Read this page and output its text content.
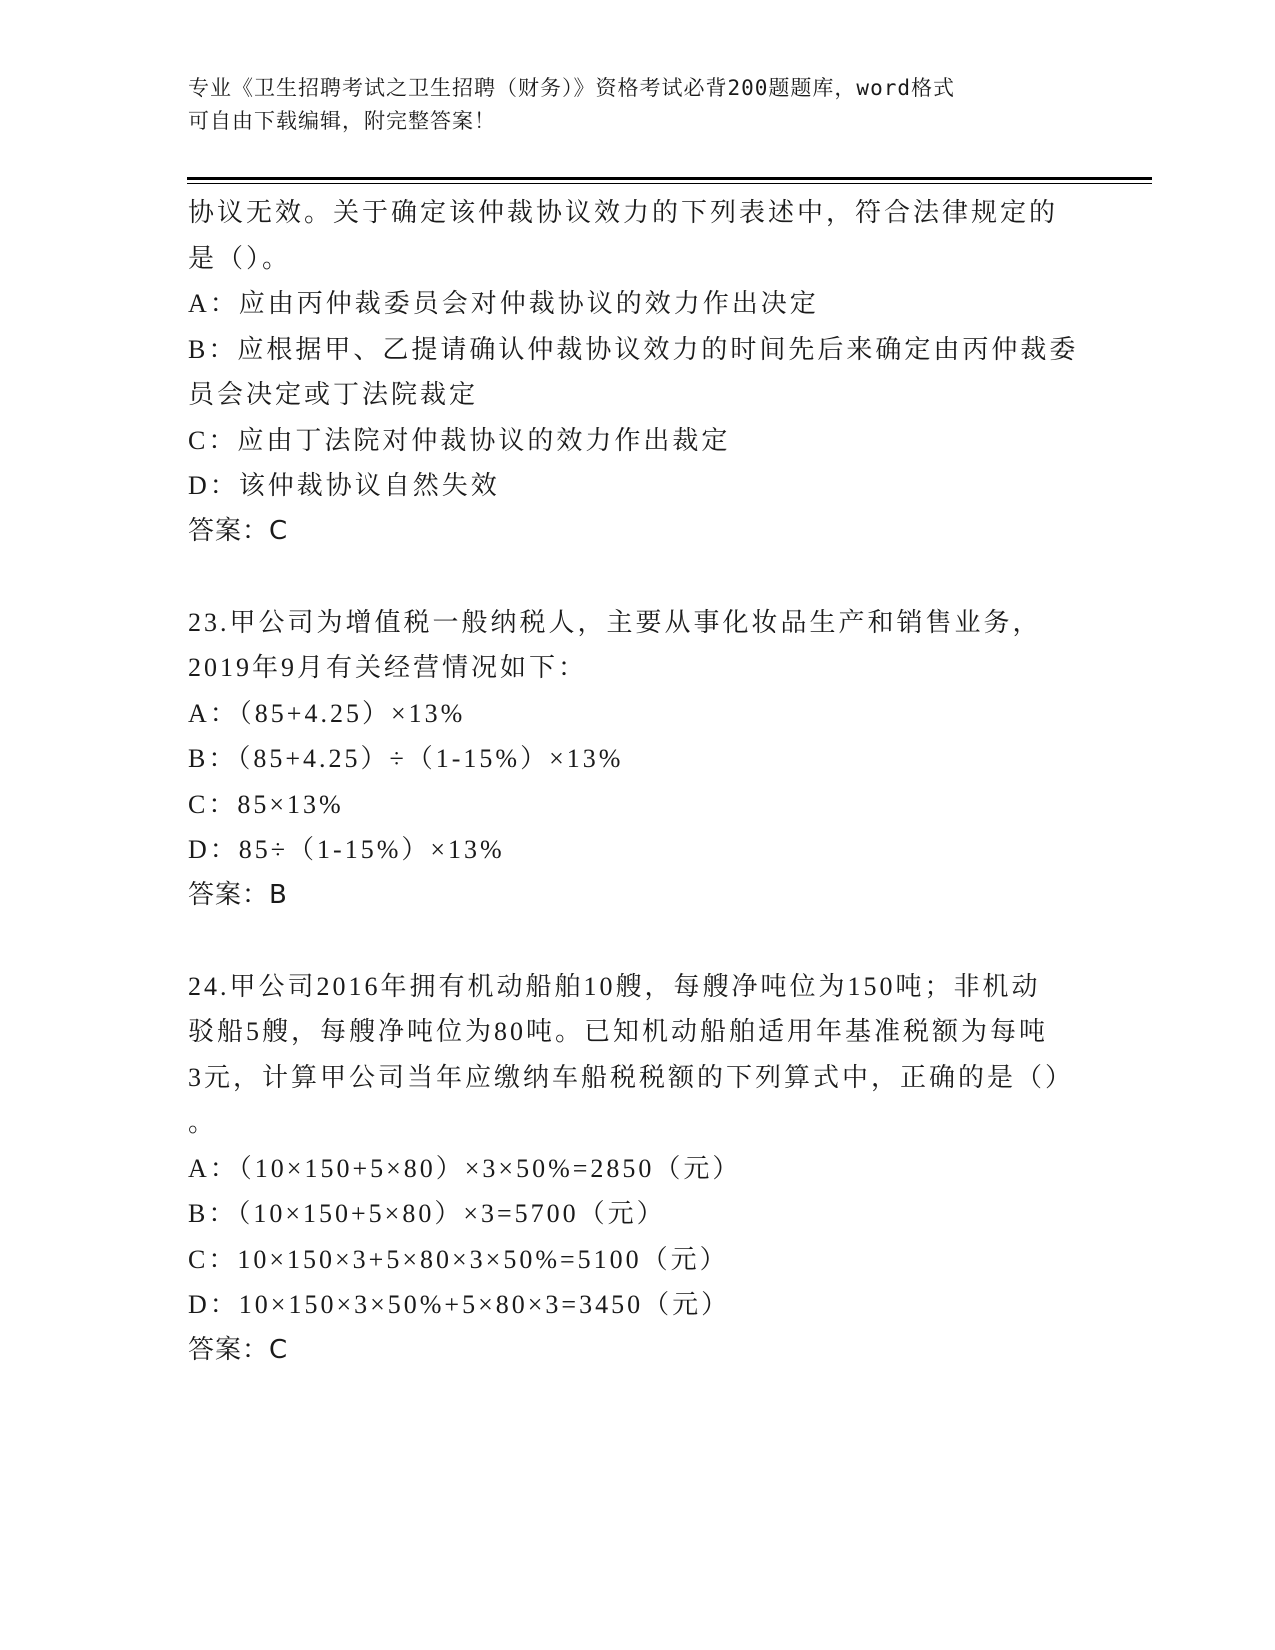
专业《卫生招聘考试之卫生招聘（财务）》资格考试必背200题题库，word格式
可自由下载编辑，附完整答案！
协议无效。关于确定该仲裁协议效力的下列表述中，符合法律规定的
是（）。
A：应由丙仲裁委员会对仲裁协议的效力作出决定
B：应根据甲、乙提请确认仲裁协议效力的时间先后来确定由丙仲裁委
员会决定或丁法院裁定
C：应由丁法院对仲裁协议的效力作出裁定
D：该仲裁协议自然失效
答案：C
23.甲公司为增值税一般纳税人，主要从事化妆品生产和销售业务，
2019年9月有关经营情况如下：
A：（85+4.25）×13%
B：（85+4.25）÷（1-15%）×13%
C：85×13%
D：85÷（1-15%）×13%
答案：B
24.甲公司2016年拥有机动船舶10艘，每艘净吨位为150吨；非机动
驳船5艘，每艘净吨位为80吨。已知机动船舶适用年基准税额为每吨
3元，计算甲公司当年应缴纳车船税税额的下列算式中，正确的是（）
。
A：（10×150+5×80）×3×50%=2850（元）
B：（10×150+5×80）×3=5700（元）
C：10×150×3+5×80×3×50%=5100（元）
D：10×150×3×50%+5×80×3=3450（元）
答案：C
